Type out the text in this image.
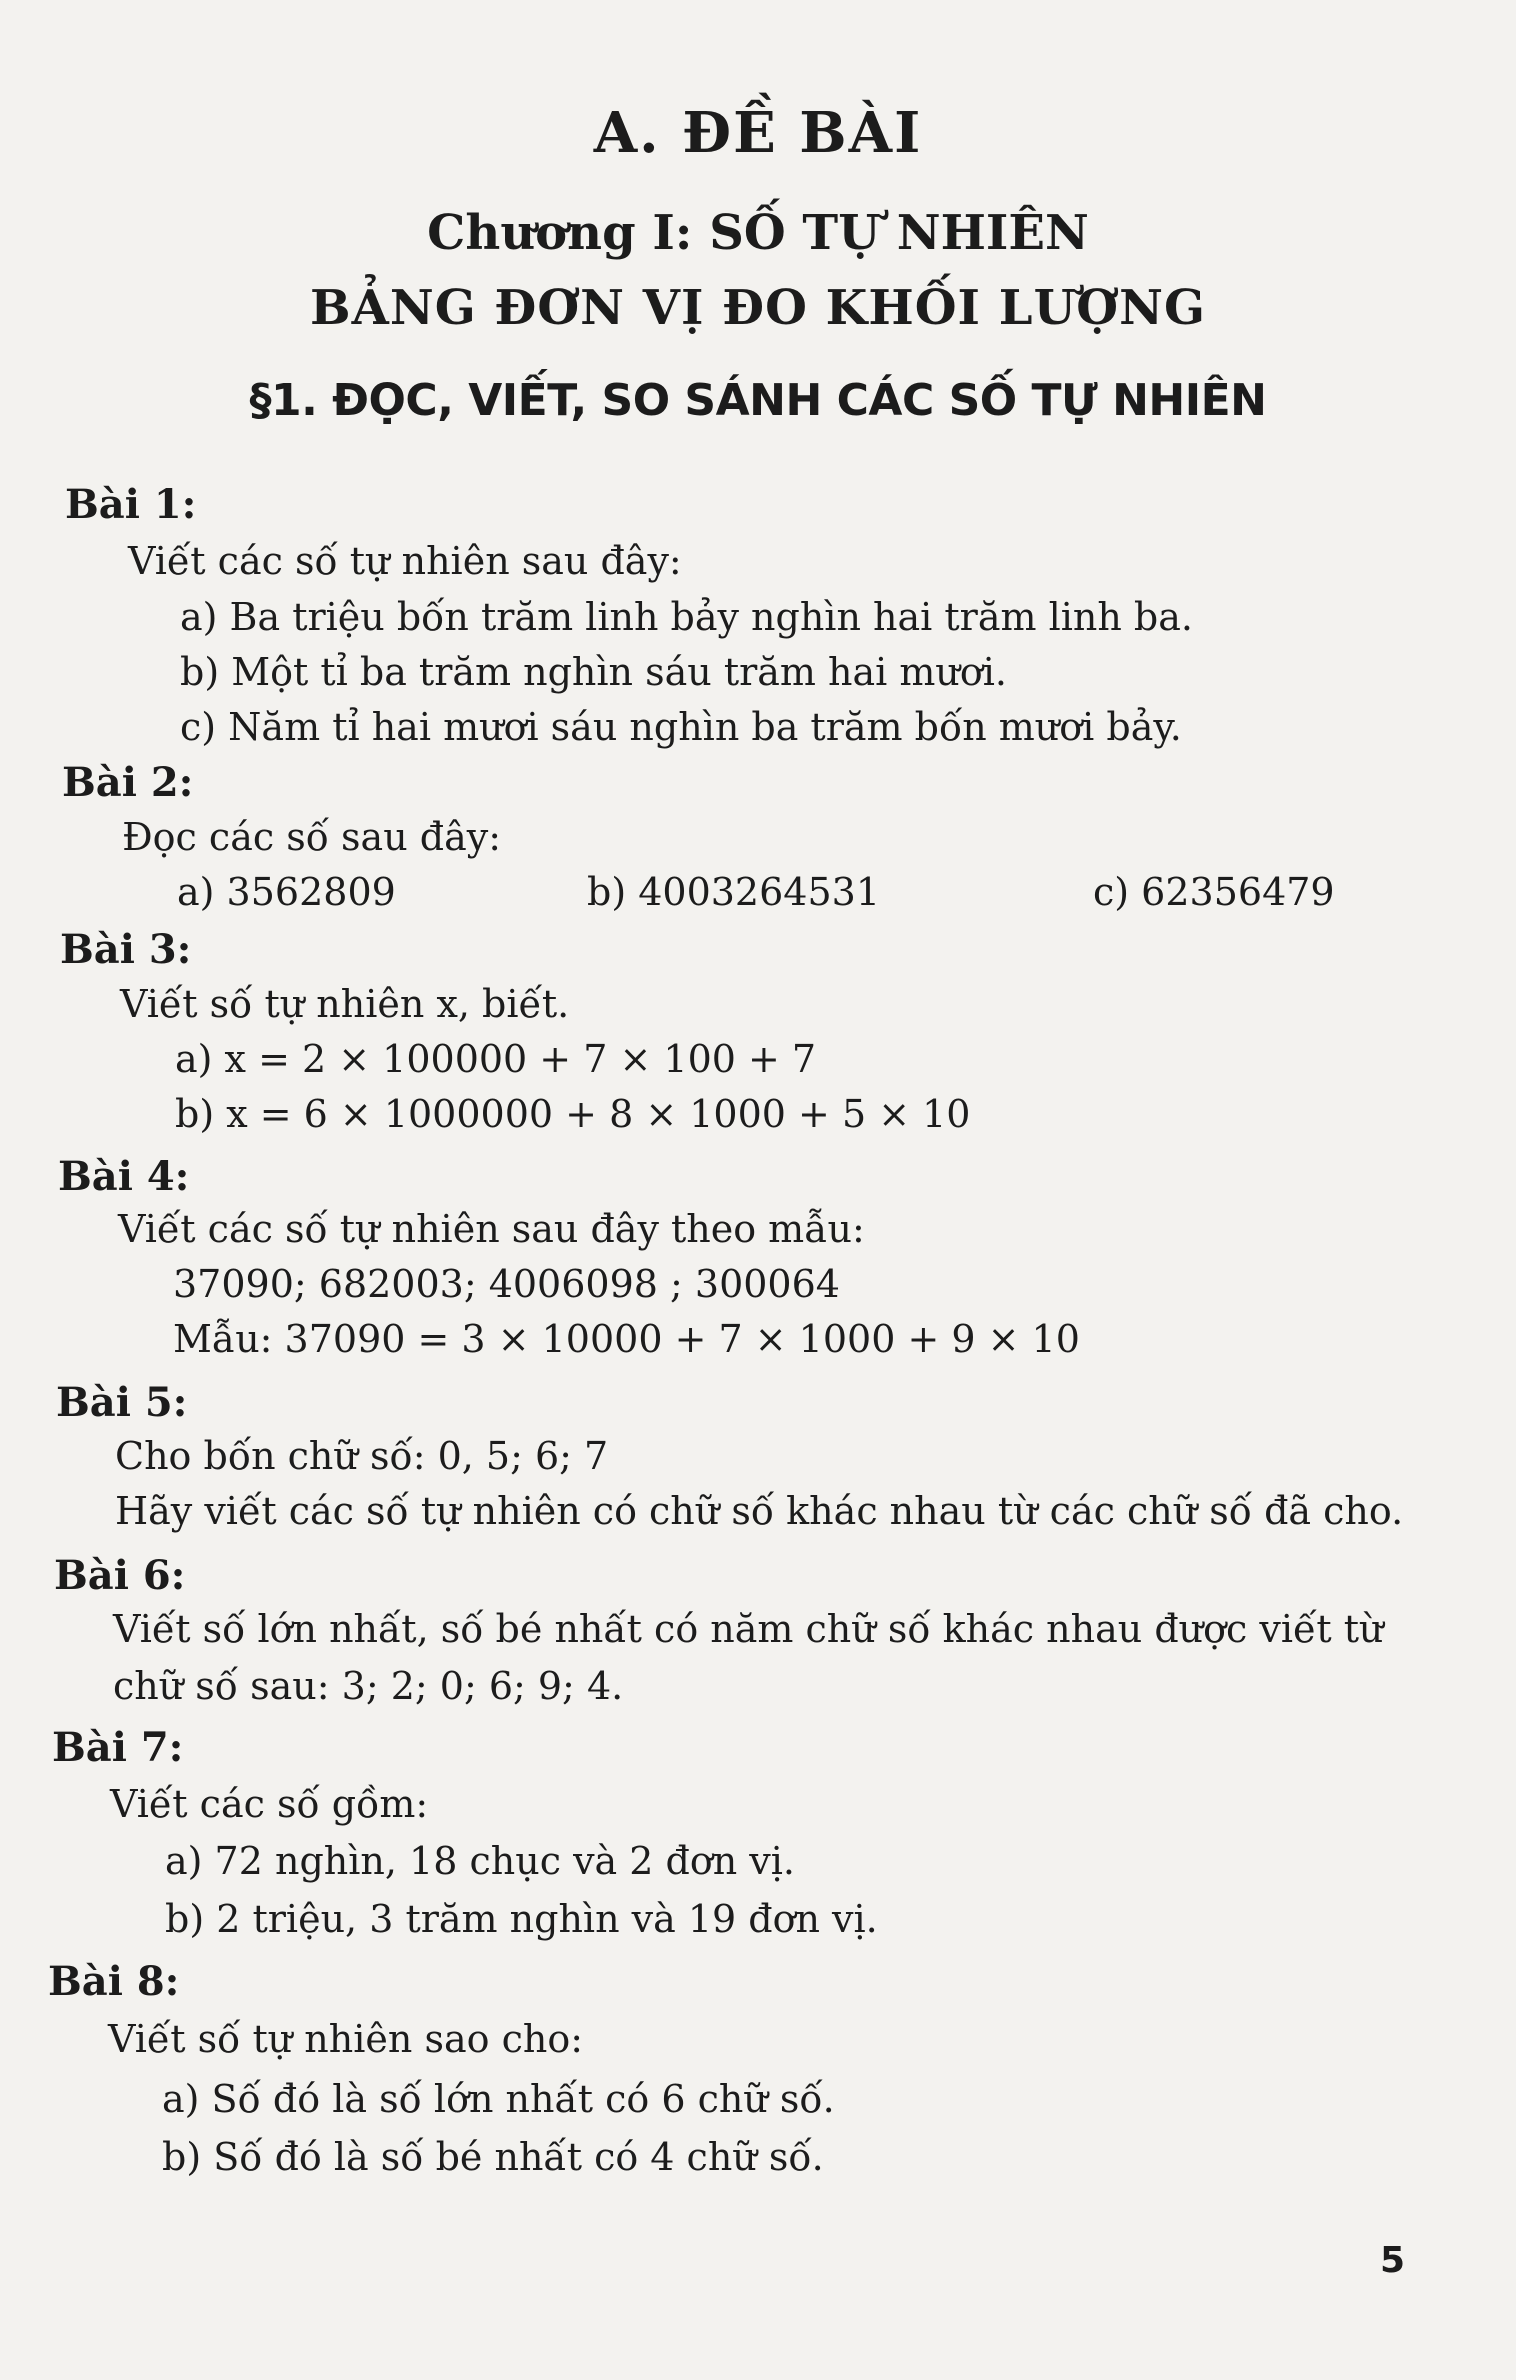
A. ĐỀ BÀI
Chương I: SỐ TỰ NHIÊN
BẢNG ĐƠN VỊ ĐO KHỐI LƯỢNG
§1. ĐỌC, VIẾT, SO SÁNH CÁC SỐ TỰ NHIÊN
Bài 1:
Viết các số tự nhiên sau đây:
a) Ba triệu bốn trăm linh bảy nghìn hai trăm linh ba.
b) Một tỉ ba trăm nghìn sáu trăm hai mươi.
c) Năm tỉ hai mươi sáu nghìn ba trăm bốn mươi bảy.
Bài 2:
Đọc các số sau đây:
a) 3562809	b) 4003264531	c) 62356479
Bài 3:
Viết số tự nhiên x, biết.
a) x = 2 × 100000 + 7 × 100 + 7
b) x = 6 × 1000000 + 8 × 1000 + 5 × 10
Bài 4:
Viết các số tự nhiên sau đây theo mẫu:
37090; 682003; 4006098 ; 300064
Mẫu: 37090 = 3 × 10000 + 7 × 1000 + 9 × 10
Bài 5:
Cho bốn chữ số: 0, 5; 6; 7
Hãy viết các số tự nhiên có chữ số khác nhau từ các chữ số đã cho.
Bài 6:
Viết số lớn nhất, số bé nhất có năm chữ số khác nhau được viết từ
chữ số sau: 3; 2; 0; 6; 9; 4.
Bài 7:
Viết các số gồm:
a) 72 nghìn, 18 chục và 2 đơn vị.
b) 2 triệu, 3 trăm nghìn và 19 đơn vị.
Bài 8:
Viết số tự nhiên sao cho:
a) Số đó là số lớn nhất có 6 chữ số.
b) Số đó là số bé nhất có 4 chữ số.
5
